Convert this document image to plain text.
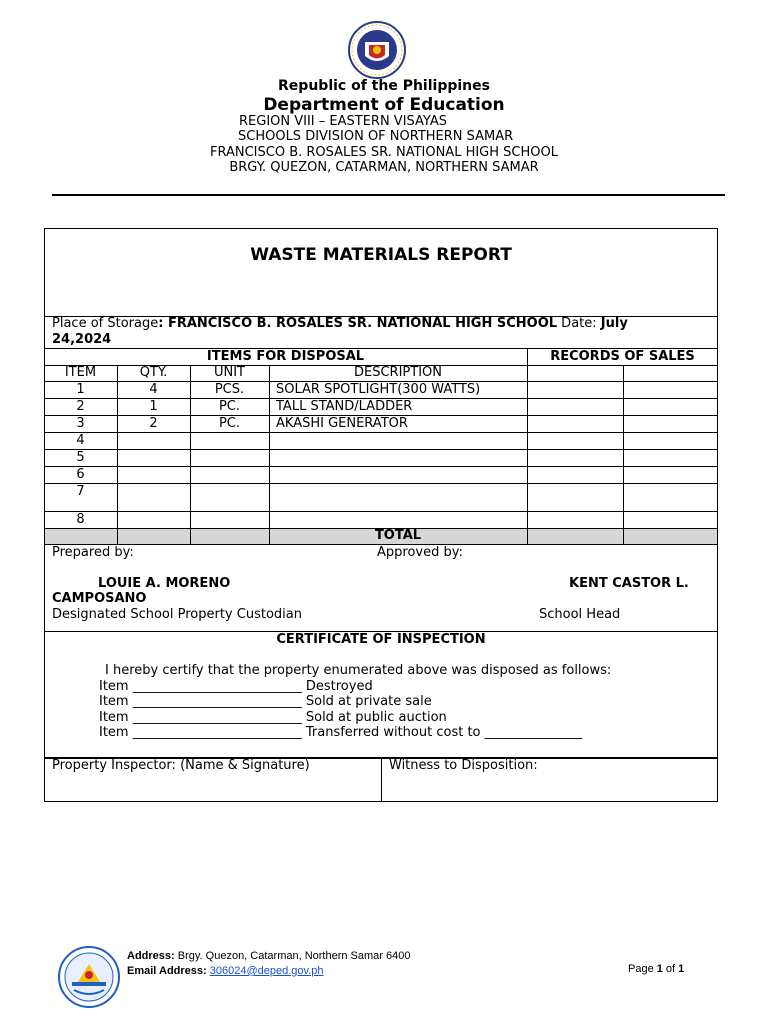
Republic of the Philippines
Department of Education
REGION VIII – EASTERN VISAYAS
SCHOOLS DIVISION OF NORTHERN SAMAR
FRANCISCO B. ROSALES SR. NATIONAL HIGH SCHOOL
BRGY. QUEZON, CATARMAN, NORTHERN SAMAR
WASTE MATERIALS REPORT
Place of Storage: FRANCISCO B. ROSALES SR. NATIONAL HIGH SCHOOL Date: July
24,2024
ITEMS FOR DISPOSAL	RECORDS OF SALES
ITEM	QTY.	UNIT	DESCRIPTION
1	4	PCS.	SOLAR SPOTLIGHT(300 WATTS)
2	1	PC.	TALL STAND/LADDER
3	2	PC.	AKASHI GENERATOR
4
5
6
7
8
TOTAL
Prepared by:	Approved by:
LOUIE A. MORENO	KENT CASTOR L.
CAMPOSANO
Designated School Property Custodian	School Head
CERTIFICATE OF INSPECTION
I hereby certify that the property enumerated above was disposed as follows:
Item __________________________ Destroyed
Item __________________________ Sold at private sale
Item __________________________ Sold at public auction
Item __________________________ Transferred without cost to _______________
Property Inspector: (Name & Signature)	Witness to Disposition:
Address: Brgy. Quezon, Catarman, Northern Samar 6400
Email Address: 306024@deped.gov.ph	Page 1 of 1
